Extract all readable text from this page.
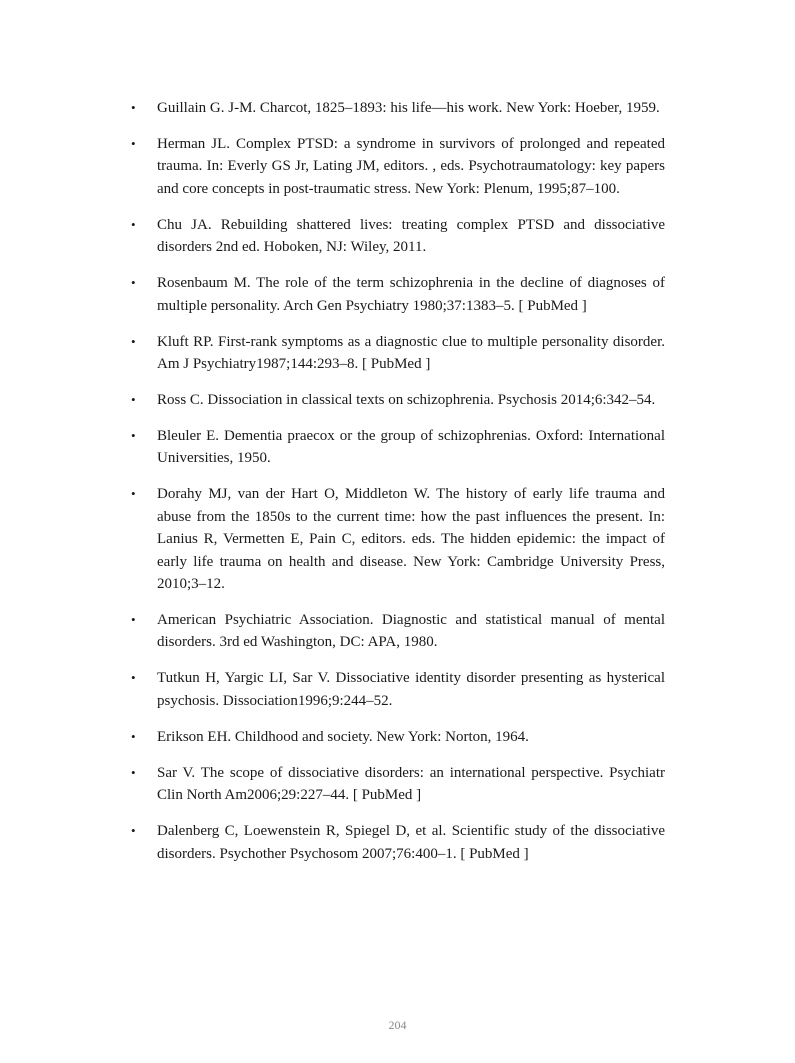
• Guillain G. J-M. Charcot, 1825–1893: his life—his work. New York: Hoeber, 1959.
• Herman JL. Complex PTSD: a syndrome in survivors of prolonged and repeated trauma. In: Everly GS Jr, Lating JM, editors. , eds. Psychotraumatology: key papers and core concepts in post-traumatic stress. New York: Plenum, 1995;87–100.
• Chu JA. Rebuilding shattered lives: treating complex PTSD and dissociative disorders 2nd ed. Hoboken, NJ: Wiley, 2011.
• Rosenbaum M. The role of the term schizophrenia in the decline of diagnoses of multiple personality. Arch Gen Psychiatry 1980;37:1383–5. [ PubMed ]
• Kluft RP. First-rank symptoms as a diagnostic clue to multiple personality disorder. Am J Psychiatry1987;144:293–8. [ PubMed ]
• Ross C. Dissociation in classical texts on schizophrenia. Psychosis 2014;6:342–54.
• Bleuler E. Dementia praecox or the group of schizophrenias. Oxford: International Universities, 1950.
• Dorahy MJ, van der Hart O, Middleton W. The history of early life trauma and abuse from the 1850s to the current time: how the past influences the present. In: Lanius R, Vermetten E, Pain C, editors. eds. The hidden epidemic: the impact of early life trauma on health and disease. New York: Cambridge University Press, 2010;3–12.
• American Psychiatric Association. Diagnostic and statistical manual of mental disorders. 3rd ed Washington, DC: APA, 1980.
• Tutkun H, Yargic LI, Sar V. Dissociative identity disorder presenting as hysterical psychosis. Dissociation1996;9:244–52.
• Erikson EH. Childhood and society. New York: Norton, 1964.
• Sar V. The scope of dissociative disorders: an international perspective. Psychiatr Clin North Am2006;29:227–44. [ PubMed ]
• Dalenberg C, Loewenstein R, Spiegel D, et al. Scientific study of the dissociative disorders. Psychother Psychosom 2007;76:400–1. [ PubMed ]
204
